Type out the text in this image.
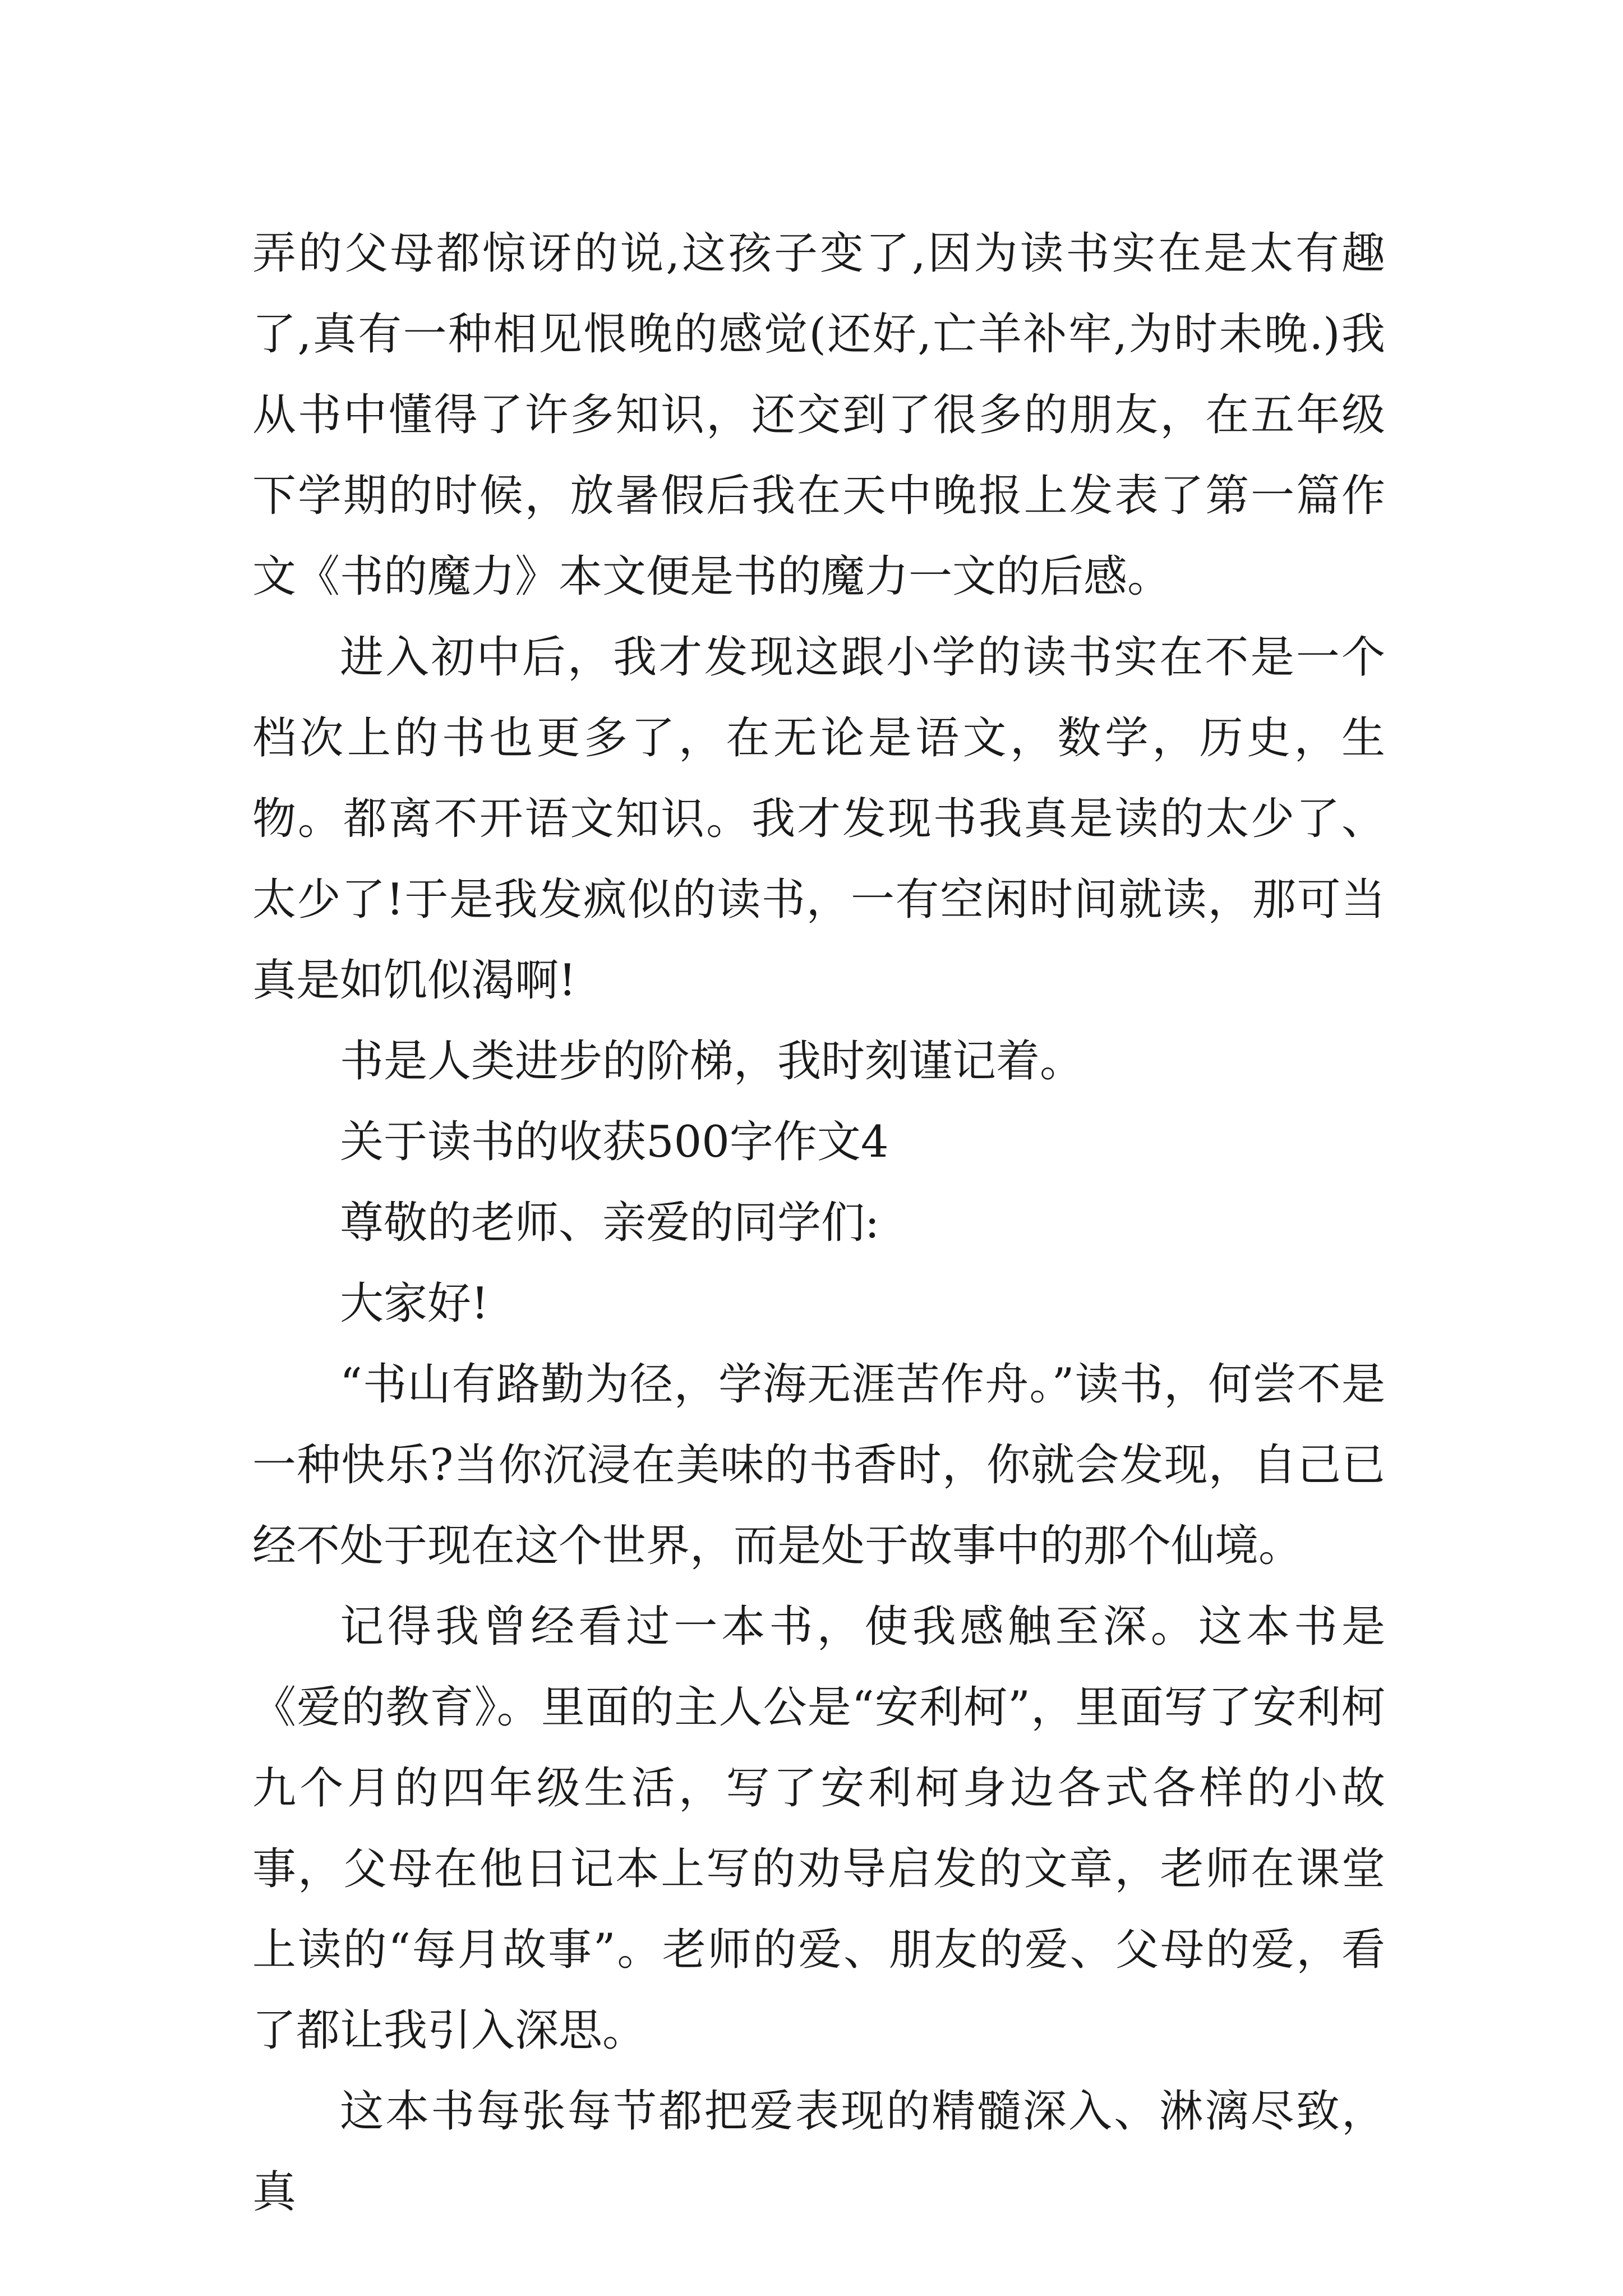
弄的父母都惊讶的说,这孩子变了,因为读书实在是太有趣了,真有一种相见恨晚的感觉(还好,亡羊补牢,为时未晚.)我从书中懂得了许多知识，还交到了很多的朋友，在五年级下学期的时候，放暑假后我在天中晚报上发表了第一篇作文《书的魔力》本文便是书的魔力一文的后感。

进入初中后，我才发现这跟小学的读书实在不是一个档次上的书也更多了，在无论是语文，数学，历史，生物。都离不开语文知识。我才发现书我真是读的太少了、太少了!于是我发疯似的读书，一有空闲时间就读，那可当真是如饥似渴啊!

书是人类进步的阶梯，我时刻谨记着。

关于读书的收获500字作文4

尊敬的老师、亲爱的同学们:

大家好!

“书山有路勤为径，学海无涯苦作舟。”读书，何尝不是一种快乐?当你沉浸在美味的书香时，你就会发现，自己已经不处于现在这个世界，而是处于故事中的那个仙境。

记得我曾经看过一本书，使我感触至深。这本书是《爱的教育》。里面的主人公是“安利柯”，里面写了安利柯九个月的四年级生活，写了安利柯身边各式各样的小故事，父母在他日记本上写的劝导启发的文章，老师在课堂上读的“每月故事”。老师的爱、朋友的爱、父母的爱，看了都让我引入深思。

这本书每张每节都把爱表现的精髓深入、淋漓尽致，真
